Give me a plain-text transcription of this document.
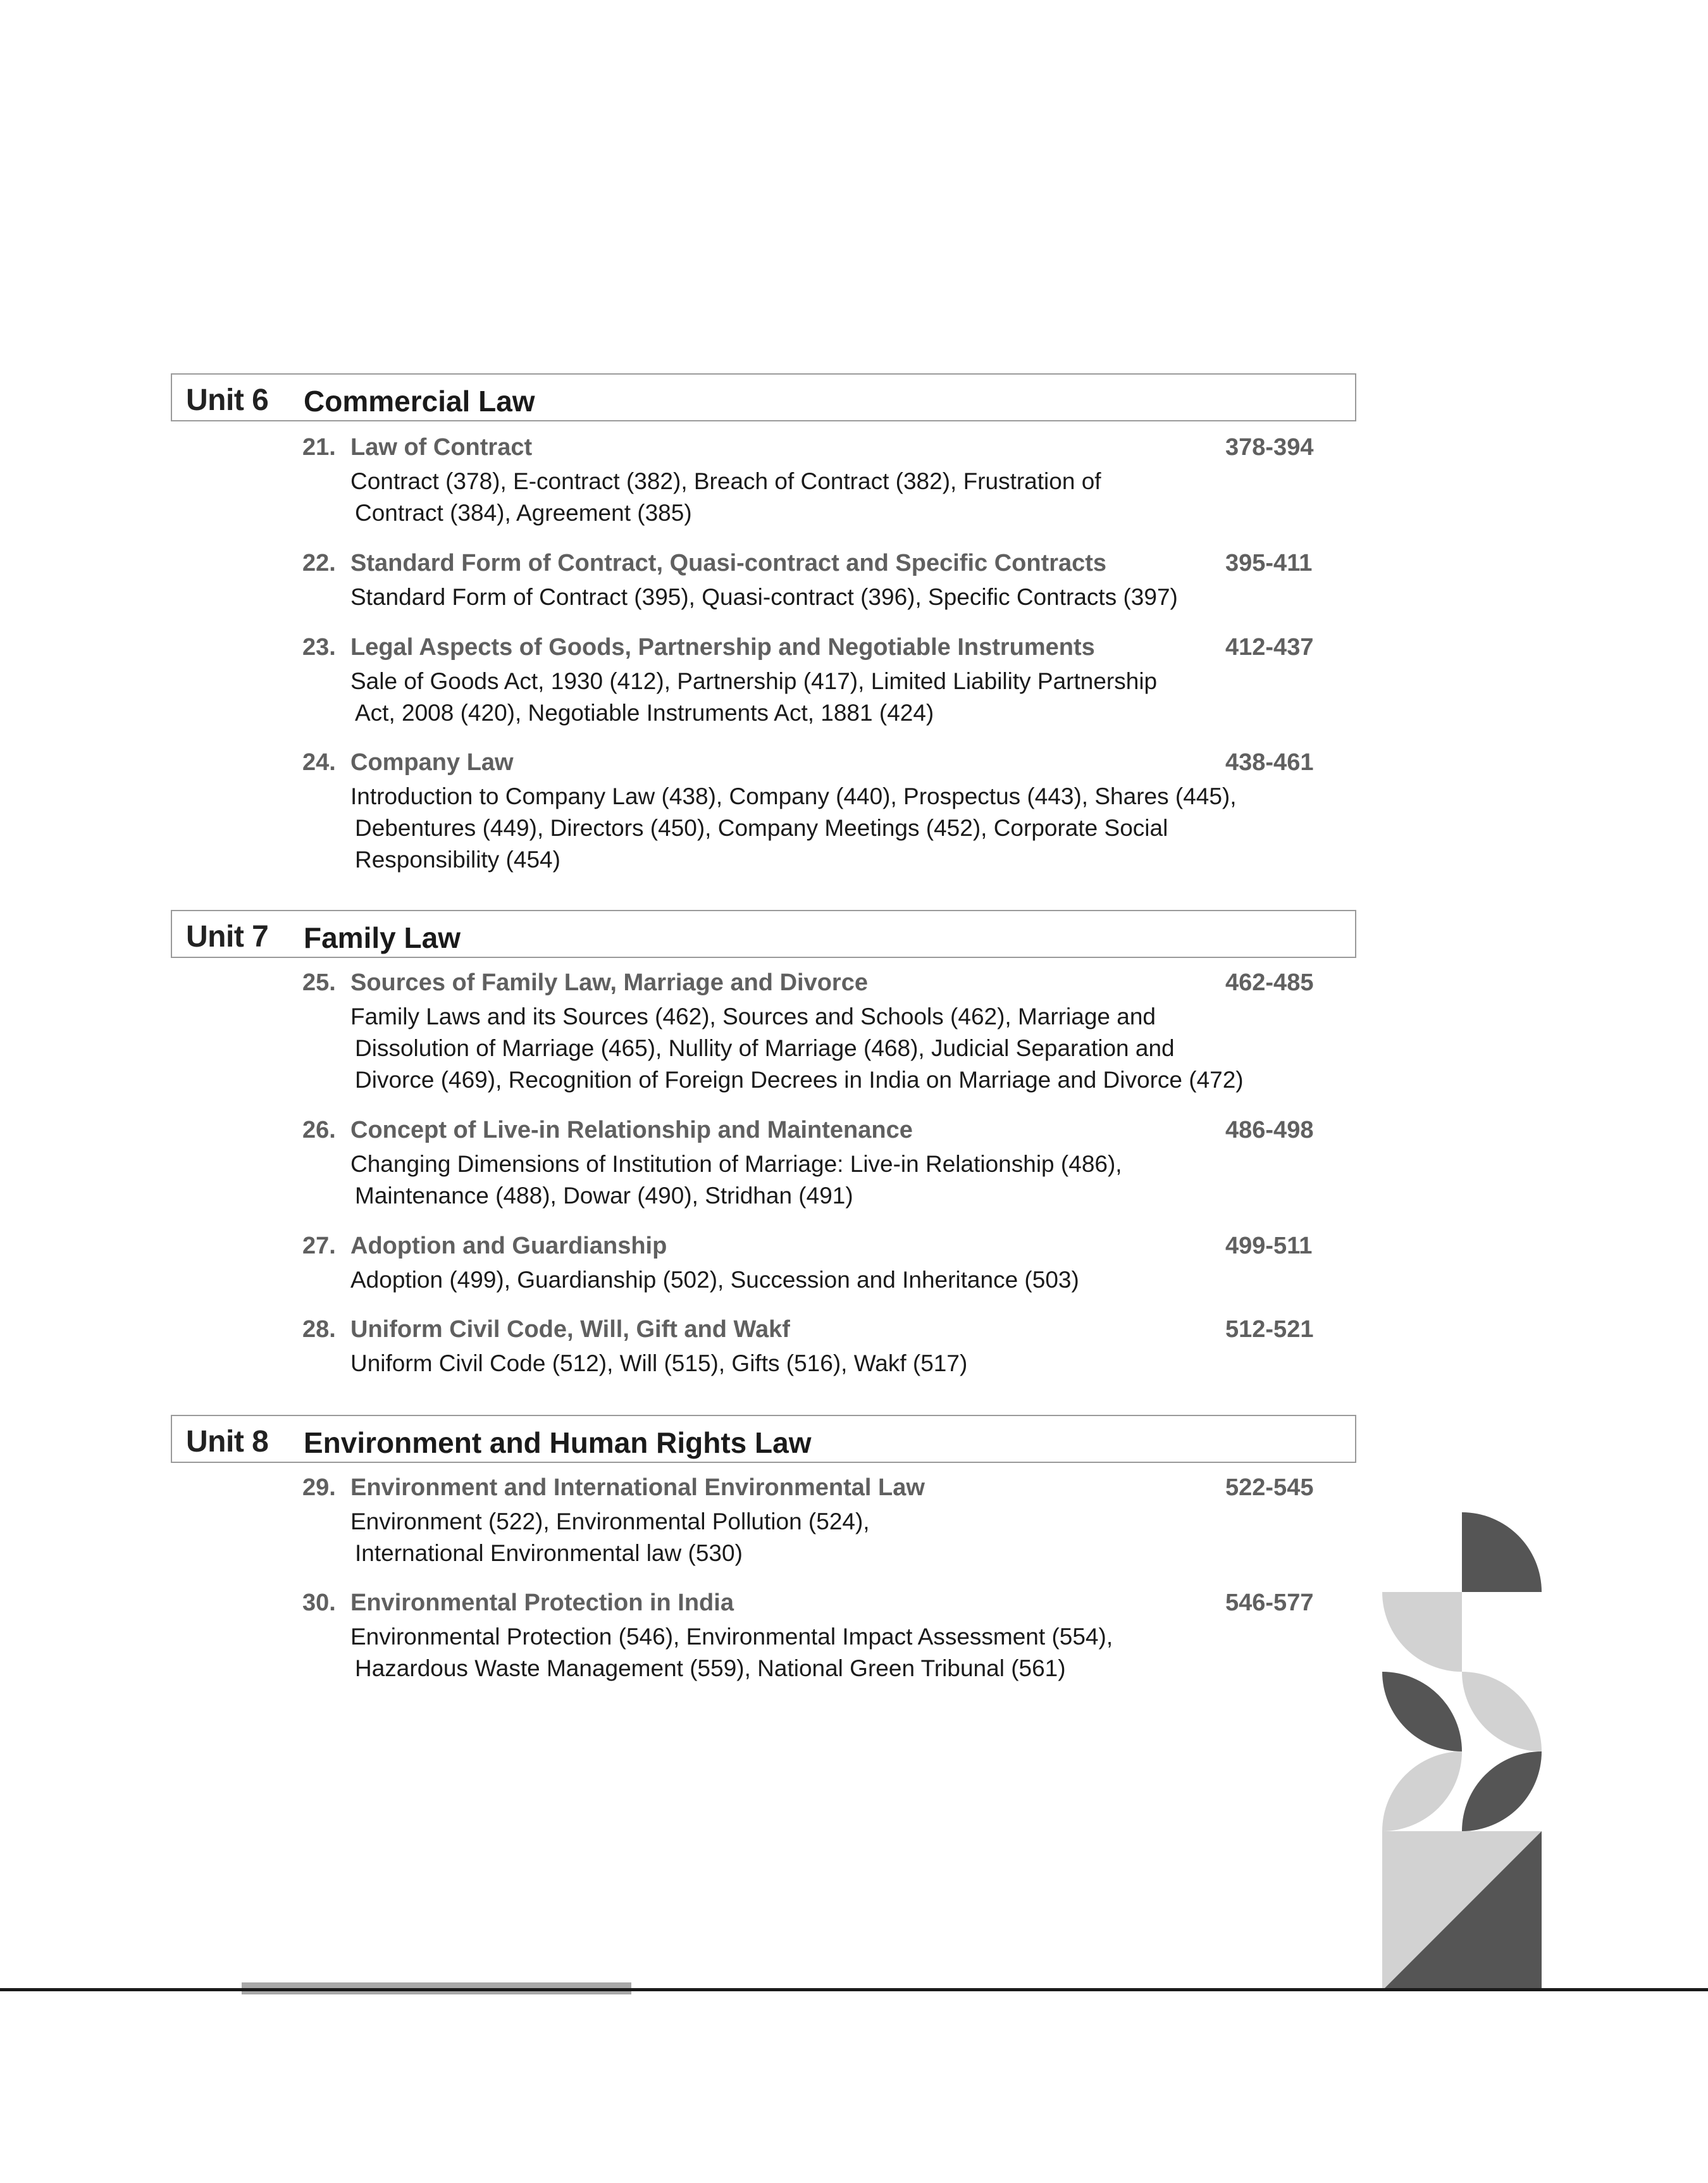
Unit 6 Commercial Law
21. Law of Contract	378-394
Contract (378), E-contract (382), Breach of Contract (382), Frustration of
Contract (384), Agreement (385)
22. Standard Form of Contract, Quasi-contract and Specific Contracts	395-411
Standard Form of Contract (395), Quasi-contract (396), Specific Contracts (397)
23. Legal Aspects of Goods, Partnership and Negotiable Instruments	412-437
Sale of Goods Act, 1930 (412), Partnership (417), Limited Liability Partnership
Act, 2008 (420), Negotiable Instruments Act, 1881 (424)
24. Company Law	438-461
Introduction to Company Law (438), Company (440), Prospectus (443), Shares (445),
Debentures (449), Directors (450), Company Meetings (452), Corporate Social
Responsibility (454)
Unit 7 Family Law
25. Sources of Family Law, Marriage and Divorce	462-485
Family Laws and its Sources (462), Sources and Schools (462), Marriage and
Dissolution of Marriage (465), Nullity of Marriage (468), Judicial Separation and
Divorce (469), Recognition of Foreign Decrees in India on Marriage and Divorce (472)
26. Concept of Live-in Relationship and Maintenance	486-498
Changing Dimensions of Institution of Marriage: Live-in Relationship (486),
Maintenance (488), Dowar (490), Stridhan (491)
27. Adoption and Guardianship	499-511
Adoption (499), Guardianship (502), Succession and Inheritance (503)
28. Uniform Civil Code, Will, Gift and Wakf	512-521
Uniform Civil Code (512), Will (515), Gifts (516), Wakf (517)
Unit 8 Environment and Human Rights Law
29. Environment and International Environmental Law	522-545
Environment (522), Environmental Pollution (524),
International Environmental law (530)
30. Environmental Protection in India	546-577
Environmental Protection (546), Environmental Impact Assessment (554),
Hazardous Waste Management (559), National Green Tribunal (561)
